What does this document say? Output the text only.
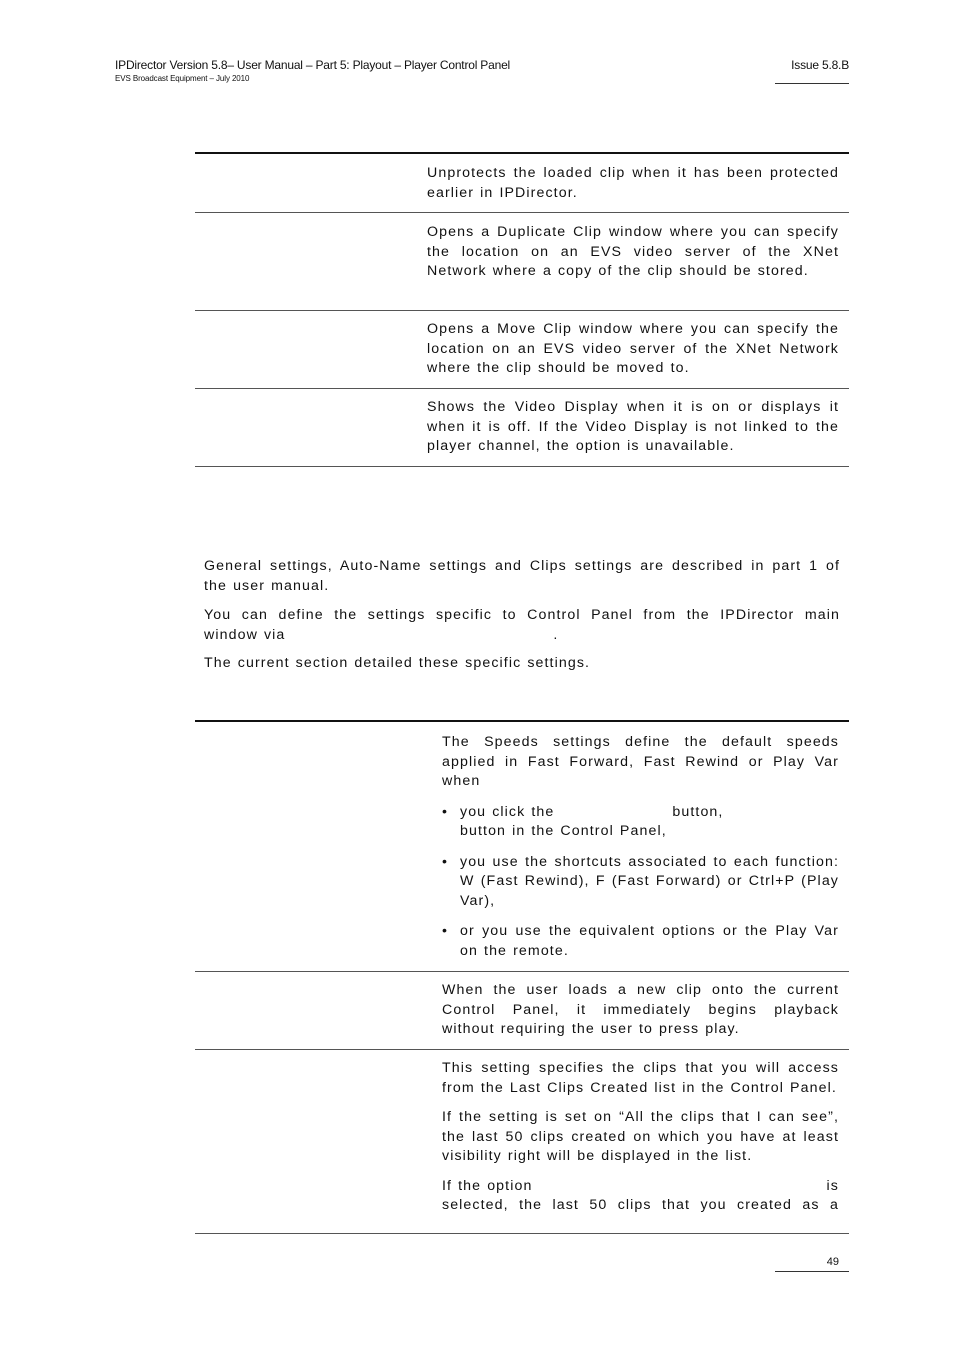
IPDirector Version 5.8– User Manual – Part 5: Playout – Player Control Panel
EVS Broadcast Equipment – July 2010
Issue 5.8.B
Unprotects the loaded clip when it has been protected earlier in IPDirector.
Opens a Duplicate Clip window where you can specify the location on an EVS video server of the XNet Network where a copy of the clip should be stored.
Opens a Move Clip window where you can specify the location on an EVS video server of the XNet Network where the clip should be moved to.
Shows the Video Display when it is on or displays it when it is off. If the Video Display is not linked to the player channel, the option is unavailable.
General settings, Auto-Name settings and Clips settings are described in part 1 of the user manual.
You can define the settings specific to Control Panel from the IPDirector main window via	.
The current section detailed these specific settings.
The Speeds settings define the default speeds applied in Fast Forward, Fast Rewind or Play Var when
• you click the	button,
button in the Control Panel,
• you use the shortcuts associated to each function: W (Fast Rewind), F (Fast Forward) or Ctrl+P (Play Var),
• or you use the equivalent options or the Play Var on the remote.
When the user loads a new clip onto the current Control Panel, it immediately begins playback without requiring the user to press play.
This setting specifies the clips that you will access from the Last Clips Created list in the Control Panel.
If the setting is set on “All the clips that I can see”, the last 50 clips created on which you have at least visibility right will be displayed in the list.
If the option	is
selected, the last 50 clips that you created as a
49
